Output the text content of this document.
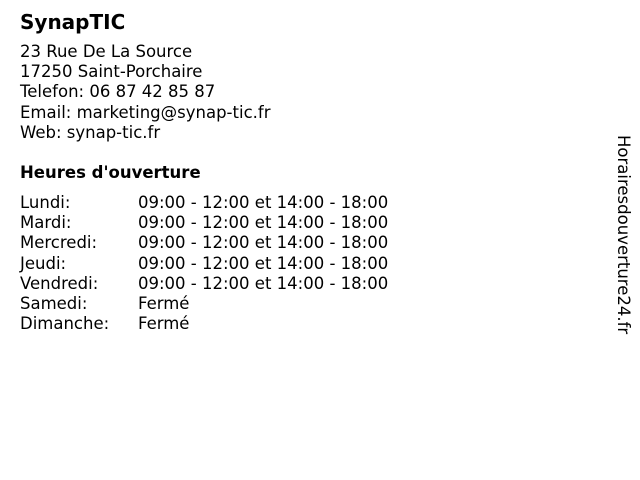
SynapTIC
23 Rue De La Source
17250 Saint-Porchaire
Telefon: 06 87 42 85 87
Email: marketing@synap-tic.fr
Web: synap-tic.fr
Heures d'ouverture
Lundi:	09:00 - 12:00 et 14:00 - 18:00
Mardi:	09:00 - 12:00 et 14:00 - 18:00
Mercredi:	09:00 - 12:00 et 14:00 - 18:00
Jeudi:	09:00 - 12:00 et 14:00 - 18:00
Vendredi:	09:00 - 12:00 et 14:00 - 18:00
Samedi:	Fermé
Dimanche:	Fermé	Horairesdouverture24.fr
